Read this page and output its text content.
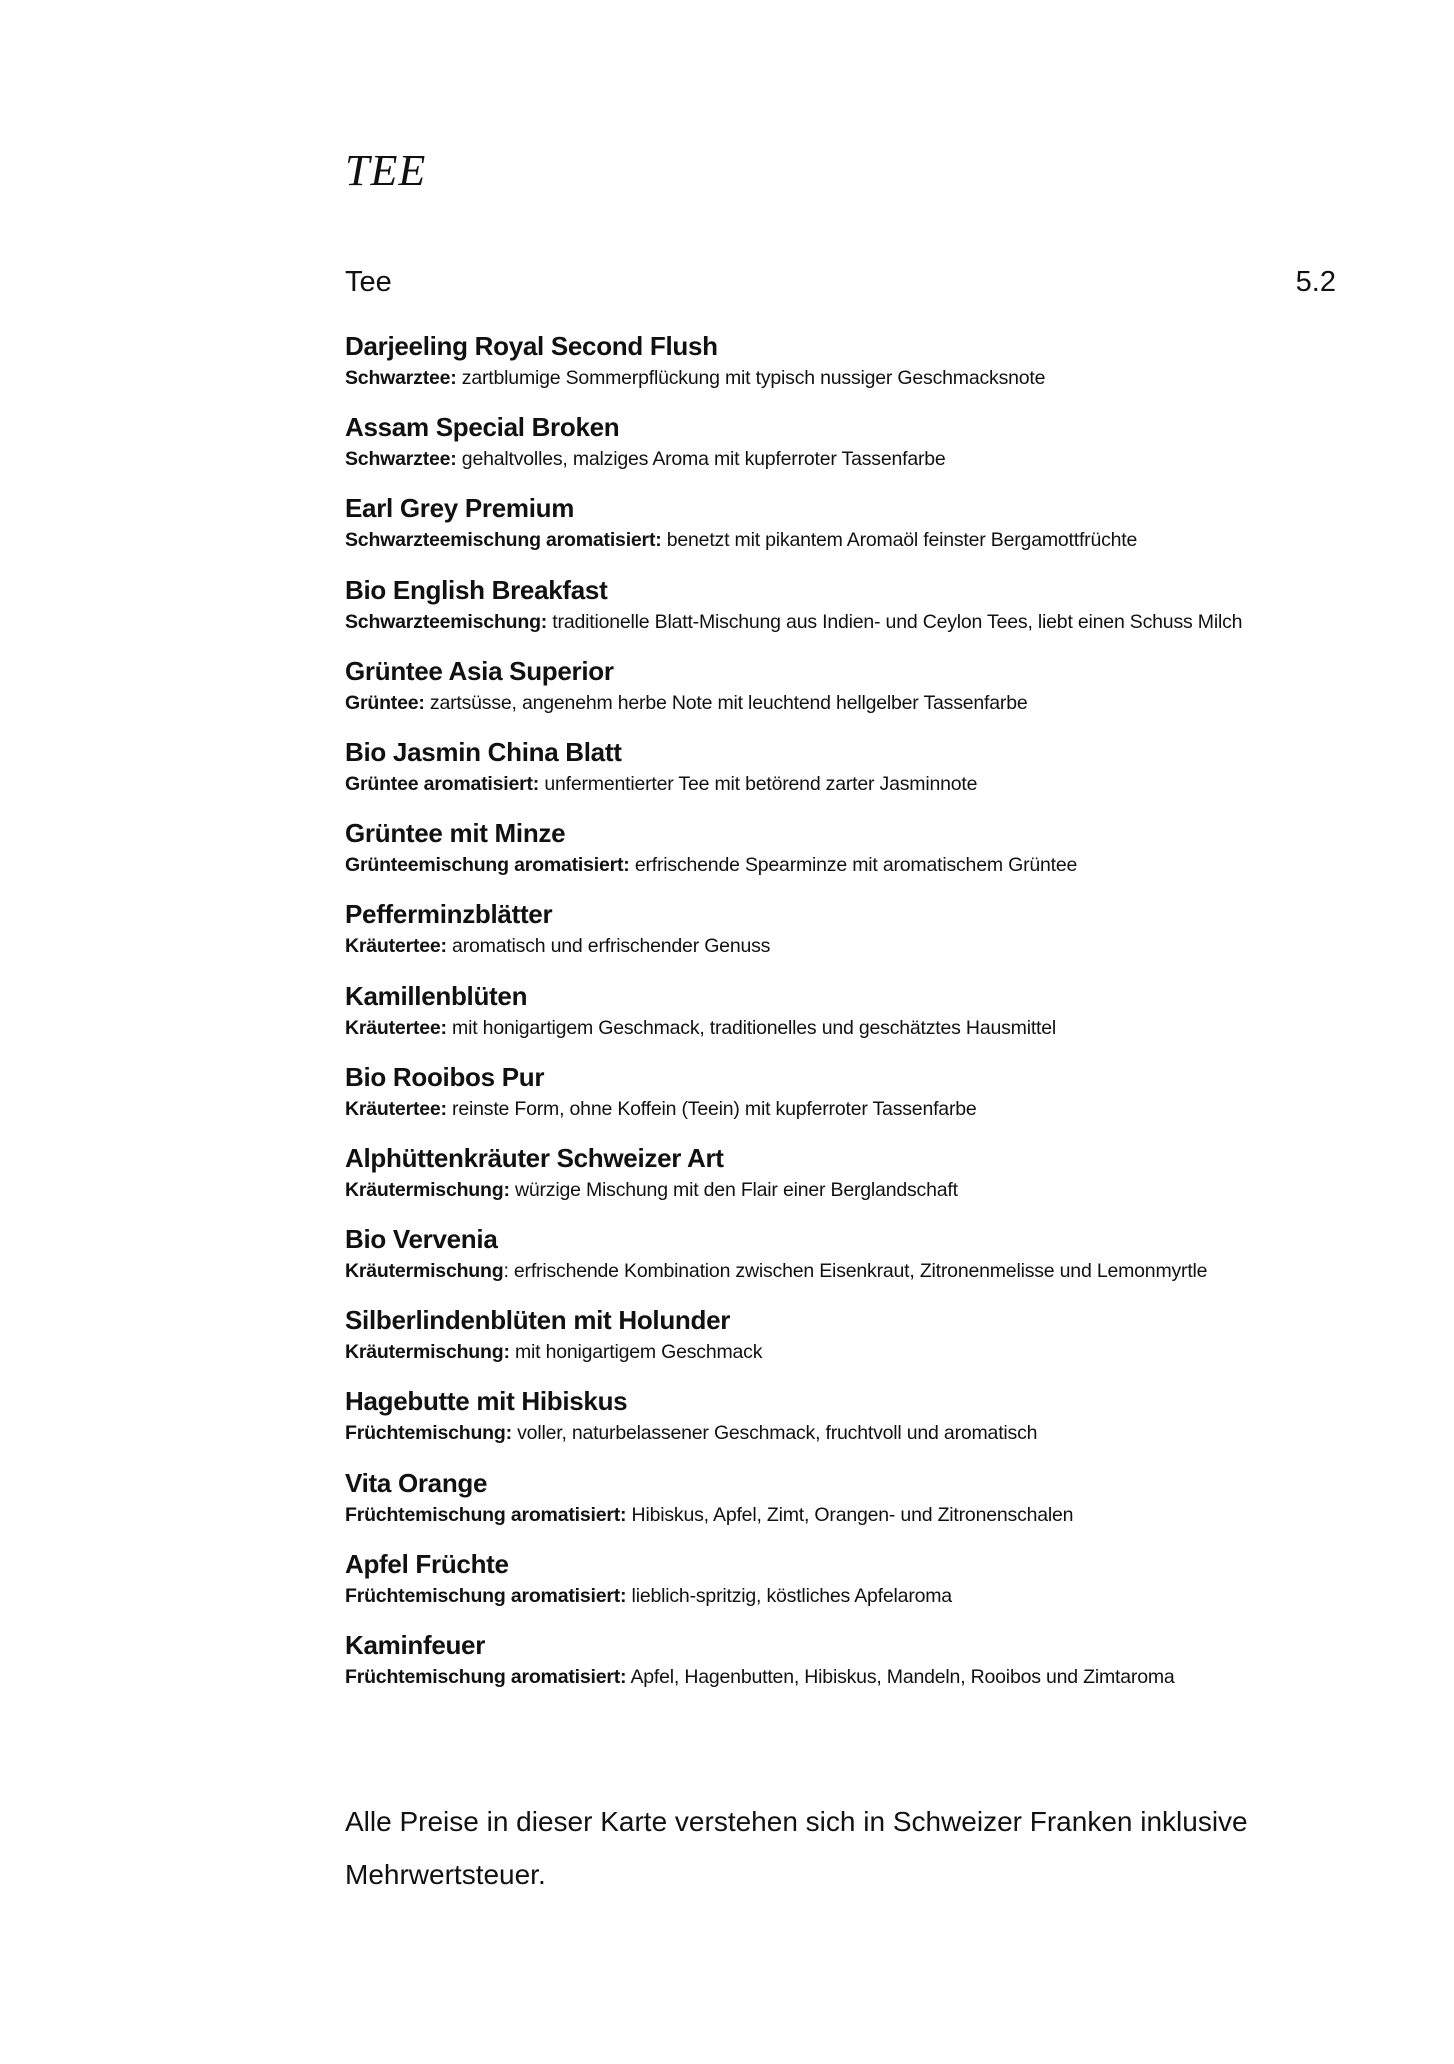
TEE
Tee	5.2
Darjeeling Royal Second Flush

Schwarztee: zartblumige Sommerpflückung mit typisch nussiger Geschmacksnote

Assam Special Broken

Schwarztee: gehaltvolles, malziges Aroma mit kupferroter Tassenfarbe

Earl Grey Premium

Schwarzteemischung aromatisiert: benetzt mit pikantem Aromaöl feinster Bergamottfrüchte

Bio English Breakfast

Schwarzteemischung: traditionelle Blatt-Mischung aus Indien- und Ceylon Tees, liebt einen Schuss Milch

Grüntee Asia Superior

Grüntee: zartsüsse, angenehm herbe Note mit leuchtend hellgelber Tassenfarbe

Bio Jasmin China Blatt

Grüntee aromatisiert: unfermentierter Tee mit betörend zarter Jasminnote

Grüntee mit Minze

Grünteemischung aromatisiert: erfrischende Spearminze mit aromatischem Grüntee

Pefferminzblätter

Kräutertee: aromatisch und erfrischender Genuss

Kamillenblüten

Kräutertee: mit honigartigem Geschmack, traditionelles und geschätztes Hausmittel

Bio Rooibos Pur

Kräutertee: reinste Form, ohne Koffein (Teein) mit kupferroter Tassenfarbe

Alphüttenkräuter Schweizer Art

Kräutermischung: würzige Mischung mit den Flair einer Berglandschaft

Bio Vervenia

Kräutermischung: erfrischende Kombination zwischen Eisenkraut, Zitronenmelisse und Lemonmyrtle

Silberlindenblüten mit Holunder

Kräutermischung: mit honigartigem Geschmack

Hagebutte mit Hibiskus

Früchtemischung: voller, naturbelassener Geschmack, fruchtvoll und aromatisch

Vita Orange

Früchtemischung aromatisiert: Hibiskus, Apfel, Zimt, Orangen- und Zitronenschalen

Apfel Früchte

Früchtemischung aromatisiert: lieblich-spritzig, köstliches Apfelaroma

Kaminfeuer

Früchtemischung aromatisiert: Apfel, Hagenbutten, Hibiskus, Mandeln, Rooibos und Zimtaroma

Alle Preise in dieser Karte verstehen sich in Schweizer Franken inklusive Mehrwertsteuer.
